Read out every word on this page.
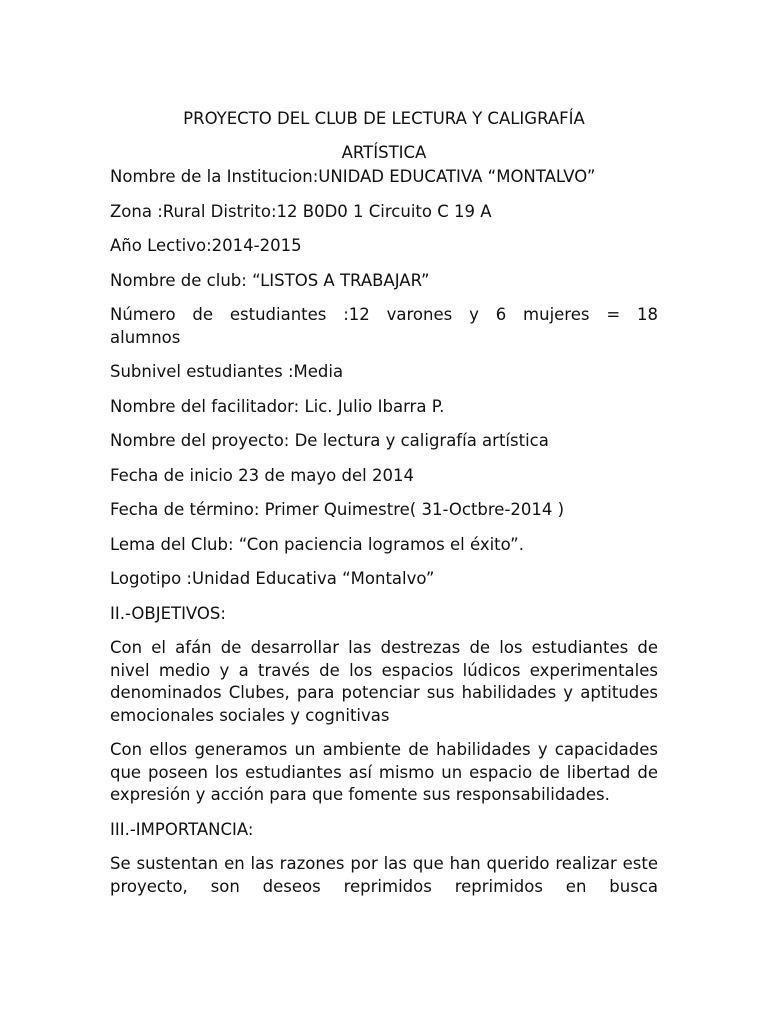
PROYECTO DEL CLUB DE LECTURA Y CALIGRAFÍA

ARTÍSTICA

Nombre de la Institucion:UNIDAD EDUCATIVA “MONTALVO”

Zona :Rural Distrito:12 B0D0 1 Circuito C 19 A

Año Lectivo:2014-2015

Nombre de club: “LISTOS A TRABAJAR”

Número de estudiantes :12 varones y 6 mujeres = 18

alumnos

Subnivel estudiantes :Media

Nombre del facilitador: Lic. Julio Ibarra P.

Nombre del proyecto: De lectura y caligrafía artística

Fecha de inicio 23 de mayo del 2014

Fecha de término: Primer Quimestre( 31-Octbre-2014 )

Lema del Club: “Con paciencia logramos el éxito”.

Logotipo :Unidad Educativa “Montalvo”

II.-OBJETIVOS:

Con el afán de desarrollar las destrezas de los estudiantes de nivel medio y a través de los espacios lúdicos experimentales denominados Clubes, para potenciar sus habilidades y aptitudes emocionales sociales y cognitivas

Con ellos generamos un ambiente de habilidades y capacidades que poseen los estudiantes así mismo un espacio de libertad de expresión y acción para que fomente sus responsabilidades.

III.-IMPORTANCIA:

Se sustentan en las razones por las que han querido realizar este proyecto, son deseos reprimidos reprimidos en busca
